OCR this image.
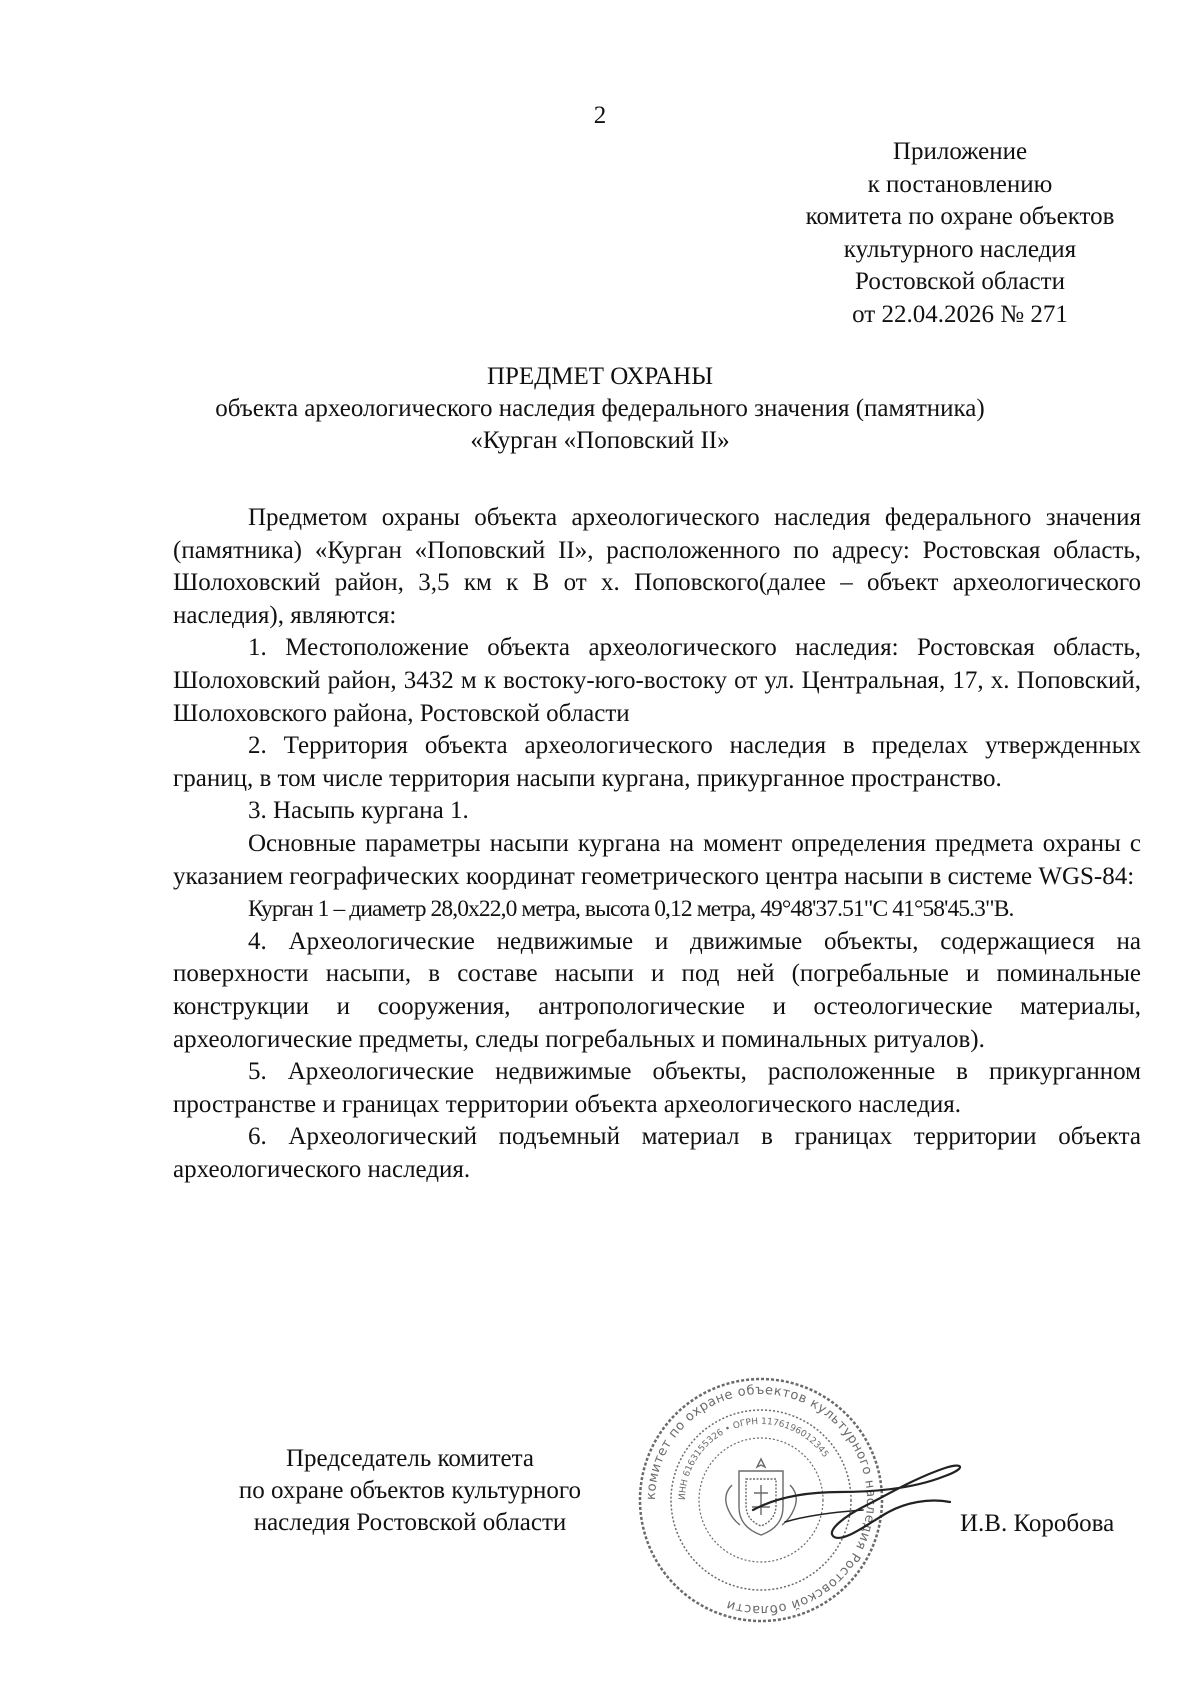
2
Приложение
к постановлению
комитета по охране объектов
культурного наследия
Ростовской области
от 22.04.2026 № 271
ПРЕДМЕТ ОХРАНЫ
объекта археологического наследия федерального значения (памятника)
«Курган «Поповский II»

Предметом охраны объекта археологического наследия федерального значения (памятника) «Курган «Поповский II», расположенного по адресу: Ростовская область, Шолоховский район, 3,5 км к В от х. Поповского(далее – объект археологического наследия), являются:

1. Местоположение объекта археологического наследия: Ростовская область, Шолоховский район, 3432 м к востоку-юго-востоку от ул. Центральная, 17, х. Поповский, Шолоховского района, Ростовской области

2. Территория объекта археологического наследия в пределах утвержденных границ, в том числе территория насыпи кургана, прикурганное пространство.

3. Насыпь кургана 1.

Основные параметры насыпи кургана на момент определения предмета охраны с указанием географических координат геометрического центра насыпи в системе WGS-84:

Курган 1 – диаметр 28,0х22,0 метра, высота 0,12 метра, 49°48'37.51"С 41°58'45.3"В.

4. Археологические недвижимые и движимые объекты, содержащиеся на поверхности насыпи, в составе насыпи и под ней (погребальные и поминальные конструкции и сооружения, антропологические и остеологические материалы, археологические предметы, следы погребальных и поминальных ритуалов).

5. Археологические недвижимые объекты, расположенные в прикурганном пространстве и границах территории объекта археологического наследия.

6. Археологический подъемный материал в границах территории объекта археологического наследия.

Председатель комитета
по охране объектов культурного
наследия Ростовской области
комитет по охране объектов культурного наследия Ростовской области
ИНН 6163155326 • ОГРН 1176196012345
И.В. Коробова
